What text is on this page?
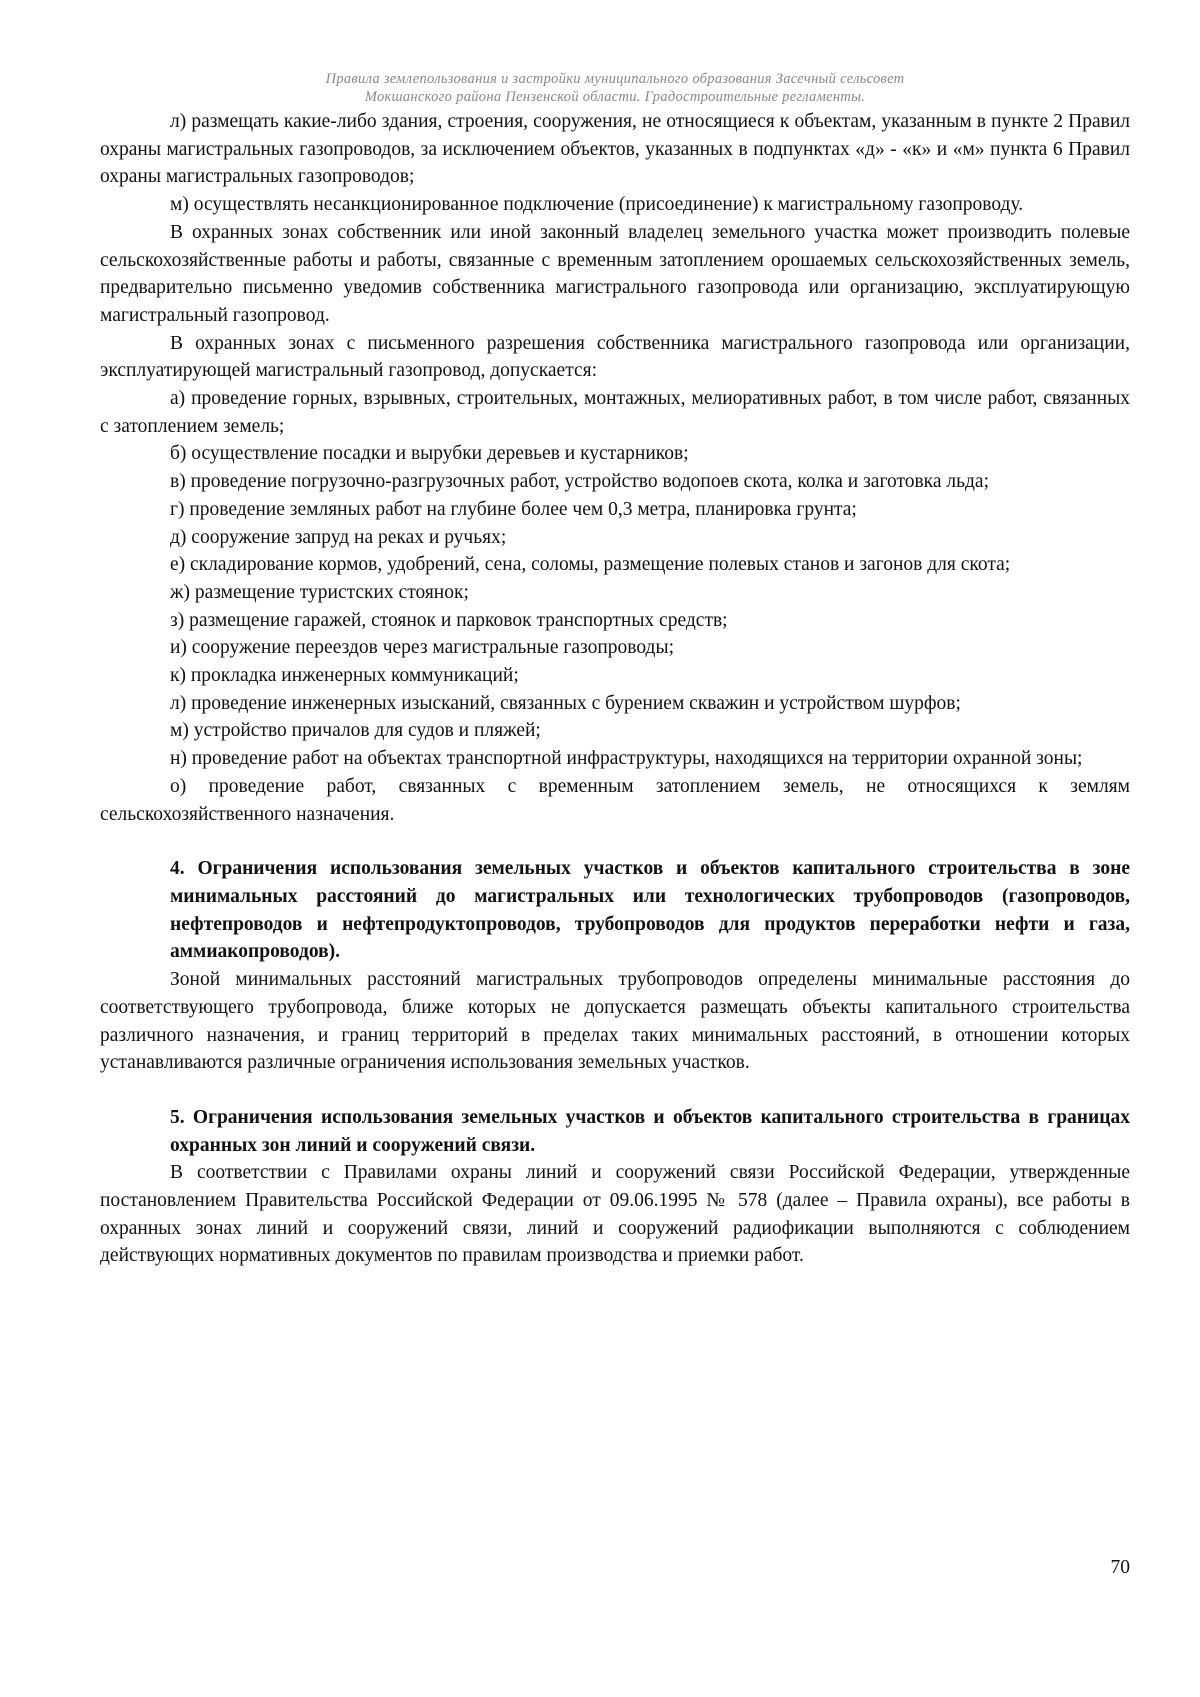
Правила землепользования и застройки муниципального образования Засечный сельсовет
Мокшанского района Пензенской области. Градостроительные регламенты.

л) размещать какие-либо здания, строения, сооружения, не относящиеся к объектам, указанным в пункте 2 Правил охраны магистральных газопроводов, за исключением объектов, указанных в подпунктах «д» - «к» и «м» пункта 6 Правил охраны магистральных газопроводов;

м) осуществлять несанкционированное подключение (присоединение) к магистральному газопроводу.

В охранных зонах собственник или иной законный владелец земельного участка может производить полевые сельскохозяйственные работы и работы, связанные с временным затоплением орошаемых сельскохозяйственных земель, предварительно письменно уведомив собственника магистрального газопровода или организацию, эксплуатирующую магистральный газопровод.

В охранных зонах с письменного разрешения собственника магистрального газопровода или организации, эксплуатирующей магистральный газопровод, допускается:

а) проведение горных, взрывных, строительных, монтажных, мелиоративных работ, в том числе работ, связанных с затоплением земель;

б) осуществление посадки и вырубки деревьев и кустарников;

в) проведение погрузочно-разгрузочных работ, устройство водопоев скота, колка и заготовка льда;

г) проведение земляных работ на глубине более чем 0,3 метра, планировка грунта;

д) сооружение запруд на реках и ручьях;

е) складирование кормов, удобрений, сена, соломы, размещение полевых станов и загонов для скота;

ж) размещение туристских стоянок;

з) размещение гаражей, стоянок и парковок транспортных средств;

и) сооружение переездов через магистральные газопроводы;

к) прокладка инженерных коммуникаций;

л) проведение инженерных изысканий, связанных с бурением скважин и устройством шурфов;

м) устройство причалов для судов и пляжей;

н) проведение работ на объектах транспортной инфраструктуры, находящихся на территории охранной зоны;

о) проведение работ, связанных с временным затоплением земель, не относящихся к землям сельскохозяйственного назначения.

4. Ограничения использования земельных участков и объектов капитального строительства в зоне минимальных расстояний до магистральных или технологических трубопроводов (газопроводов, нефтепроводов и нефтепродуктопроводов, трубопроводов для продуктов переработки нефти и газа, аммиакопроводов).

Зоной минимальных расстояний магистральных трубопроводов определены минимальные расстояния до соответствующего трубопровода, ближе которых не допускается размещать объекты капитального строительства различного назначения, и границ территорий в пределах таких минимальных расстояний, в отношении которых устанавливаются различные ограничения использования земельных участков.

5. Ограничения использования земельных участков и объектов капитального строительства в границах охранных зон линий и сооружений связи.

В соответствии с Правилами охраны линий и сооружений связи Российской Федерации, утвержденные постановлением Правительства Российской Федерации от 09.06.1995 № 578 (далее – Правила охраны), все работы в охранных зонах линий и сооружений связи, линий и сооружений радиофикации выполняются с соблюдением действующих нормативных документов по правилам производства и приемки работ.

70
